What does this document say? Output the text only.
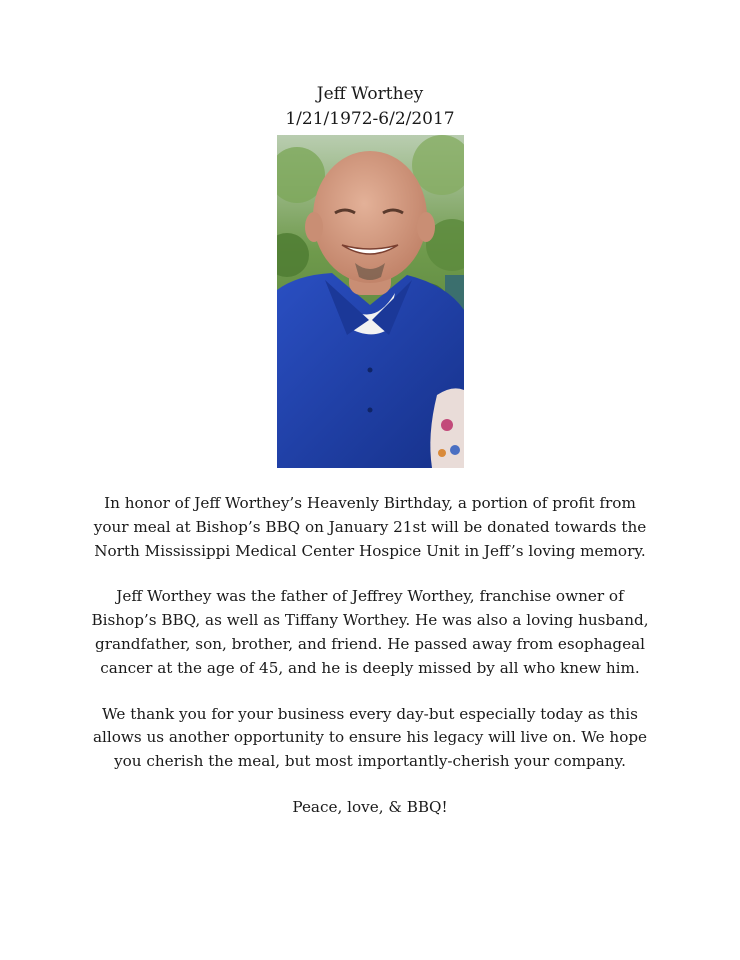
Jeff Worthey
1/21/1972-6/2/2017

In honor of Jeff Worthey’s Heavenly Birthday, a portion of profit from
your meal at Bishop’s BBQ on January 21st will be donated towards the
North Mississippi Medical Center Hospice Unit in Jeff’s loving memory.

Jeff Worthey was the father of Jeffrey Worthey, franchise owner of
Bishop’s BBQ, as well as Tiffany Worthey. He was also a loving husband,
grandfather, son, brother, and friend. He passed away from esophageal
cancer at the age of 45, and he is deeply missed by all who knew him.

We thank you for your business every day-but especially today as this
allows us another opportunity to ensure his legacy will live on. We hope
you cherish the meal, but most importantly-cherish your company.

Peace, love, & BBQ!
